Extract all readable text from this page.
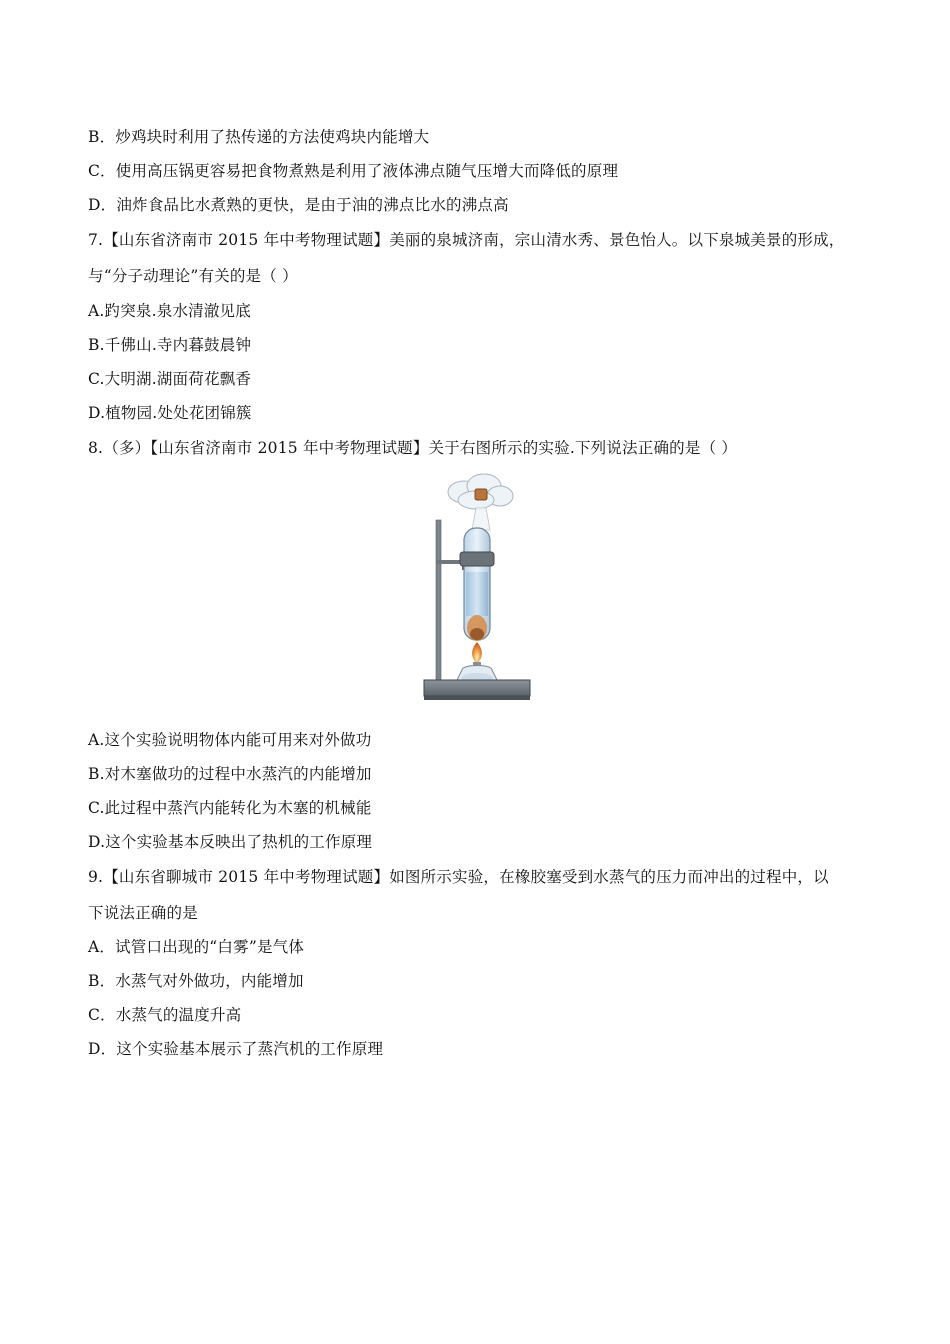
B．炒鸡块时利用了热传递的方法使鸡块内能增大
C．使用高压锅更容易把食物煮熟是利用了液体沸点随气压增大而降低的原理
D．油炸食品比水煮熟的更快，是由于油的沸点比水的沸点高
7.【山东省济南市 2015 年中考物理试题】美丽的泉城济南，宗山清水秀、景色怡人。以下泉城美景的形成，
与“分子动理论”有关的是（ ）
A.趵突泉.泉水清澈见底
B.千佛山.寺内暮鼓晨钟
C.大明湖.湖面荷花飘香
D.植物园.处处花团锦簇
8.（多）【山东省济南市 2015 年中考物理试题】关于右图所示的实验.下列说法正确的是（ ）
A.这个实验说明物体内能可用来对外做功
B.对木塞做功的过程中水蒸汽的内能增加
C.此过程中蒸汽内能转化为木塞的机械能
D.这个实验基本反映出了热机的工作原理
9.【山东省聊城市 2015 年中考物理试题】如图所示实验，在橡胶塞受到水蒸气的压力而冲出的过程中，以
下说法正确的是
A．试管口出现的“白雾”是气体
B．水蒸气对外做功，内能增加
C．水蒸气的温度升高
D．这个实验基本展示了蒸汽机的工作原理
